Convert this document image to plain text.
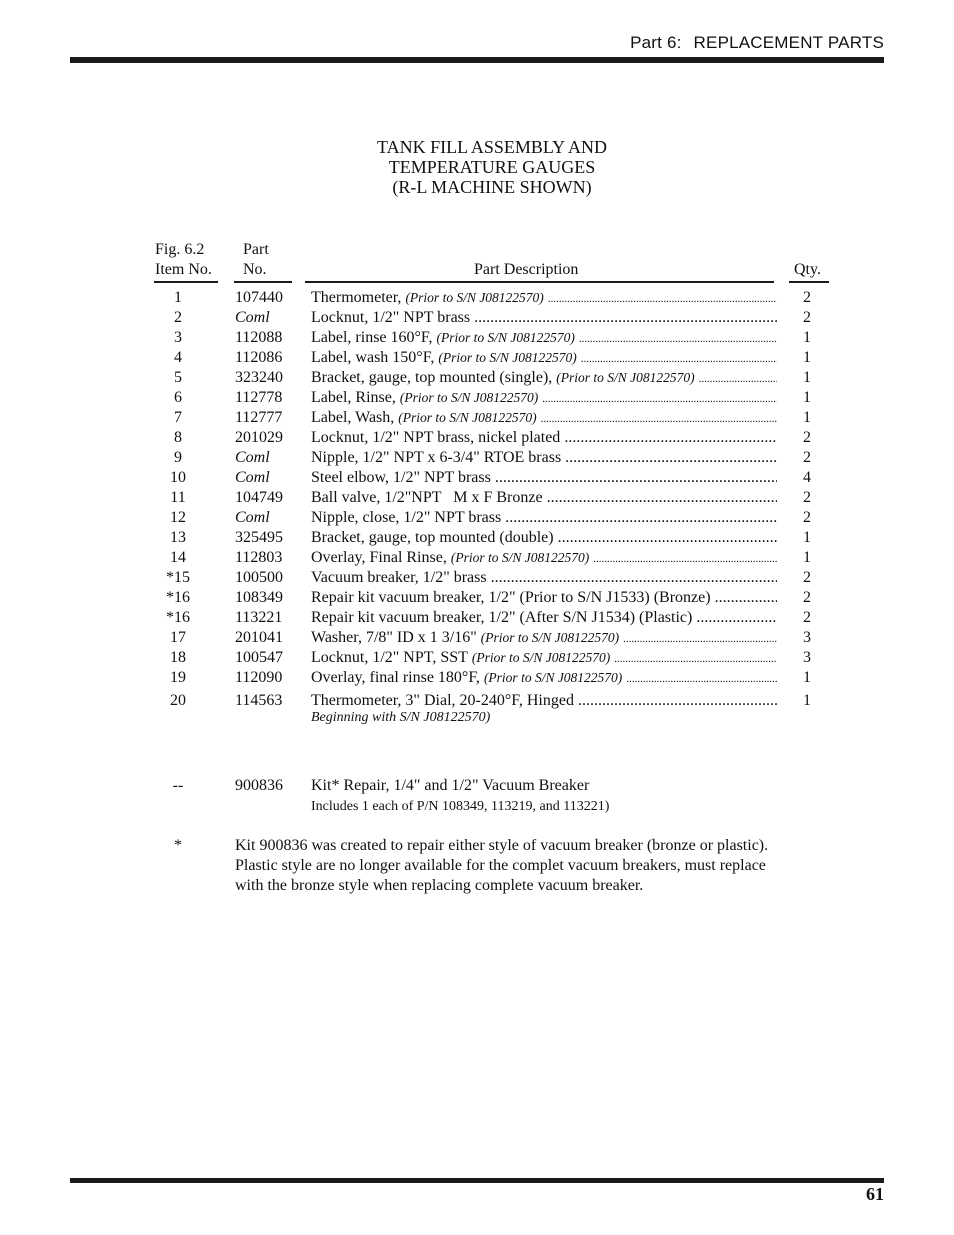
Part 6: REPLACEMENT PARTS
TANK FILL ASSEMBLY AND
TEMPERATURE GAUGES
(R-L MACHINE SHOWN)
Fig. 6.2
Item No.
Part
No.	Part Description	Qty.
1	107440 Thermometer, (Prior to S/N J08122570) .....	2
2	Coml	Locknut, 1/2" NPT brass .....	2
3	112088 Label, rinse 160°F, (Prior to S/N J08122570) .....	1
4	112086 Label, wash 150°F, (Prior to S/N J08122570) .....	1
5	323240 Bracket, gauge, top mounted (single), (Prior to S/N J08122570) .....	1
6	112778 Label, Rinse, (Prior to S/N J08122570) .....	1
7	112777 Label, Wash, (Prior to S/N J08122570) .....	1
8	201029 Locknut, 1/2" NPT brass, nickel plated .....	2
9	Coml	Nipple, 1/2" NPT x 6-3/4" RTOE brass .....	2
10	Coml	Steel elbow, 1/2" NPT brass .....	4
11	104749 Ball valve, 1/2"NPT   M x F Bronze .....	2
12	Coml	Nipple, close, 1/2" NPT brass .....	2
13	325495 Bracket, gauge, top mounted (double) .....	1
14	112803 Overlay, Final Rinse, (Prior to S/N J08122570) .....	1
*15	100500 Vacuum breaker, 1/2" brass .....	2
*16	108349 Repair kit vacuum breaker, 1/2" (Prior to S/N J1533) (Bronze) .....	2
*16	113221 Repair kit vacuum breaker, 1/2" (After S/N J1534) (Plastic) .....	2
17	201041 Washer, 7/8" ID x 1 3/16" (Prior to S/N J08122570) .....	3
18	100547 Locknut, 1/2" NPT, SST (Prior to S/N J08122570) .....	3
19	112090 Overlay, final rinse 180°F, (Prior to S/N J08122570) .....	1
20	114563 Thermometer, 3" Dial, 20-240°F, Hinged .....	1
Beginning with S/N J08122570)
--	900836 Kit* Repair, 1/4" and 1/2" Vacuum Breaker
Includes 1 each of P/N 108349, 113219, and 113221)
*	Kit 900836 was created to repair either style of vacuum breaker (bronze or plastic).
Plastic style are no longer available for the complet vacuum breakers, must replace
with the bronze style when replacing complete vacuum breaker.
61
